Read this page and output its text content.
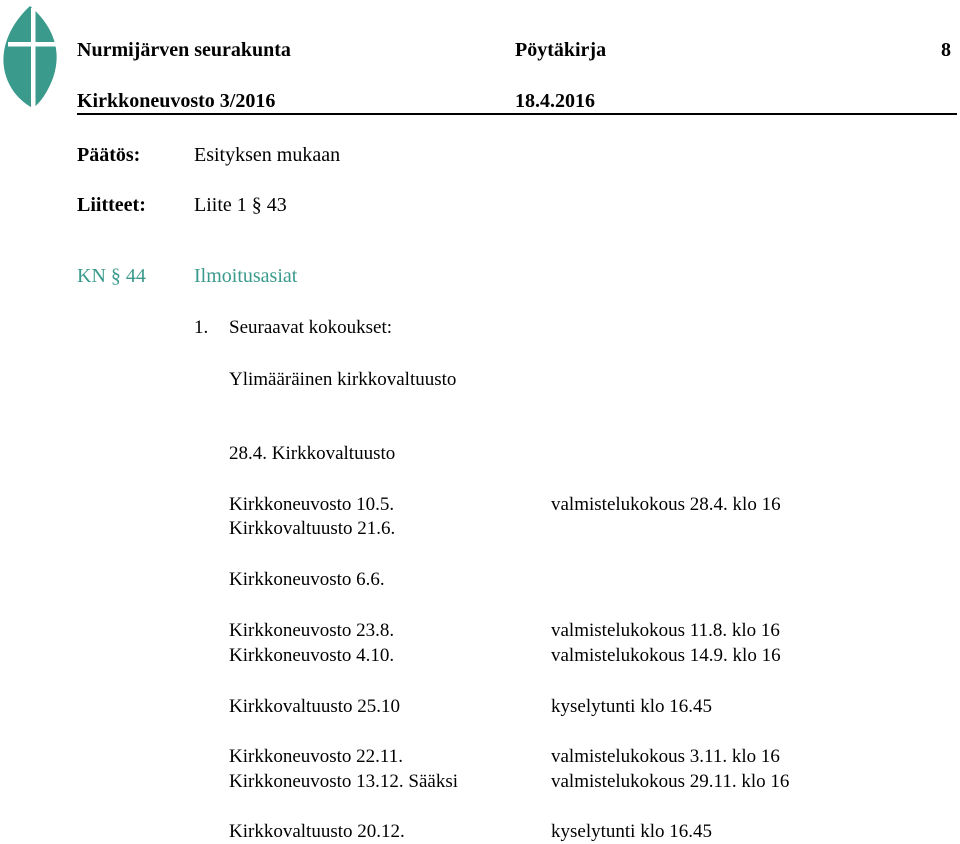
Nurmijärven seurakunta	Pöytäkirja	8
Kirkkoneuvosto 3/2016	18.4.2016
Päätös:	Esityksen mukaan
Liitteet: Liite 1 § 43
KN § 44 Ilmoitusasiat
1. Seuraavat kokoukset:
Ylimääräinen kirkkovaltuusto
28.4. Kirkkovaltuusto
Kirkkoneuvosto 10.5.	valmistelukokous 28.4. klo 16
Kirkkovaltuusto 21.6.
Kirkkoneuvosto 6.6.
Kirkkoneuvosto 23.8.	valmistelukokous 11.8. klo 16
Kirkkoneuvosto 4.10.	valmistelukokous 14.9. klo 16
Kirkkovaltuusto 25.10	kyselytunti klo 16.45
Kirkkoneuvosto 22.11.	valmistelukokous 3.11. klo 16
Kirkkoneuvosto 13.12. Sääksi	valmistelukokous 29.11. klo 16
Kirkkovaltuusto 20.12.	kyselytunti klo 16.45
